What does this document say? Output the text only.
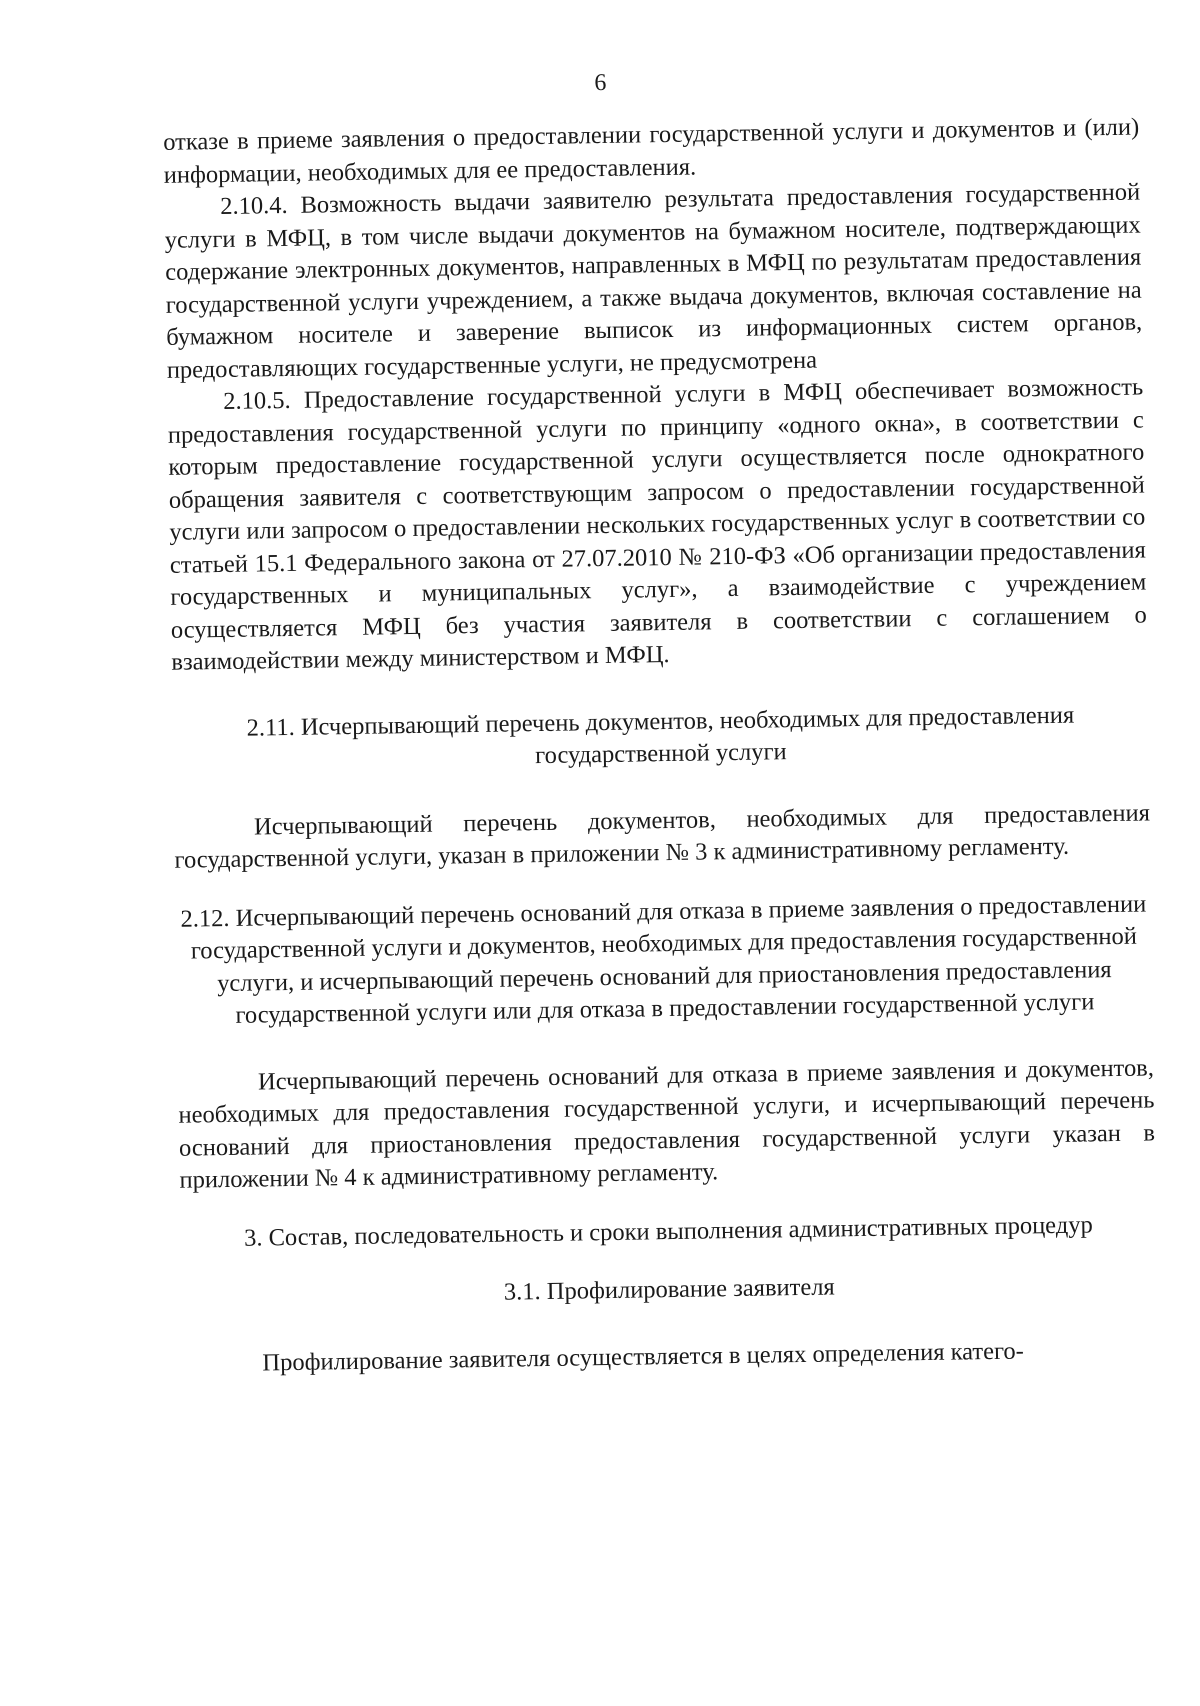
6

отказе в приеме заявления о предоставлении государственной услуги и документов и (или) информации, необходимых для ее предоставления.

2.10.4. Возможность выдачи заявителю результата предоставления государственной услуги в МФЦ, в том числе выдачи документов на бумажном носителе, подтверждающих содержание электронных документов, направленных в МФЦ по результатам предоставления государственной услуги учреждением, а также выдача документов, включая составление на бумажном носителе и заверение выписок из информационных систем органов, предоставляющих государственные услуги, не предусмотрена

2.10.5. Предоставление государственной услуги в МФЦ обеспечивает возможность предоставления государственной услуги по принципу «одного окна», в соответствии с которым предоставление государственной услуги осуществляется после однократного обращения заявителя с соответствующим запросом о предоставлении государственной услуги или запросом о предоставлении нескольких государственных услуг в соответствии со статьей 15.1 Федерального закона от 27.07.2010 № 210-ФЗ «Об организации предоставления государственных и муниципальных услуг», а взаимодействие с учреждением осуществляется МФЦ без участия заявителя в соответствии с соглашением о взаимодействии между министерством и МФЦ.

2.11. Исчерпывающий перечень документов, необходимых для предоставления государственной услуги

Исчерпывающий перечень документов, необходимых для предоставления государственной услуги, указан в приложении № 3 к административному регламенту.

2.12. Исчерпывающий перечень оснований для отказа в приеме заявления о предоставлении государственной услуги и документов, необходимых для предоставления государственной услуги, и исчерпывающий перечень оснований для приостановления предоставления государственной услуги или для отказа в предоставлении государственной услуги

Исчерпывающий перечень оснований для отказа в приеме заявления и документов, необходимых для предоставления государственной услуги, и исчерпывающий перечень оснований для приостановления предоставления государственной услуги указан в приложении № 4 к административному регламенту.

3. Состав, последовательность и сроки выполнения административных процедур

3.1. Профилирование заявителя

Профилирование заявителя осуществляется в целях определения катего-
